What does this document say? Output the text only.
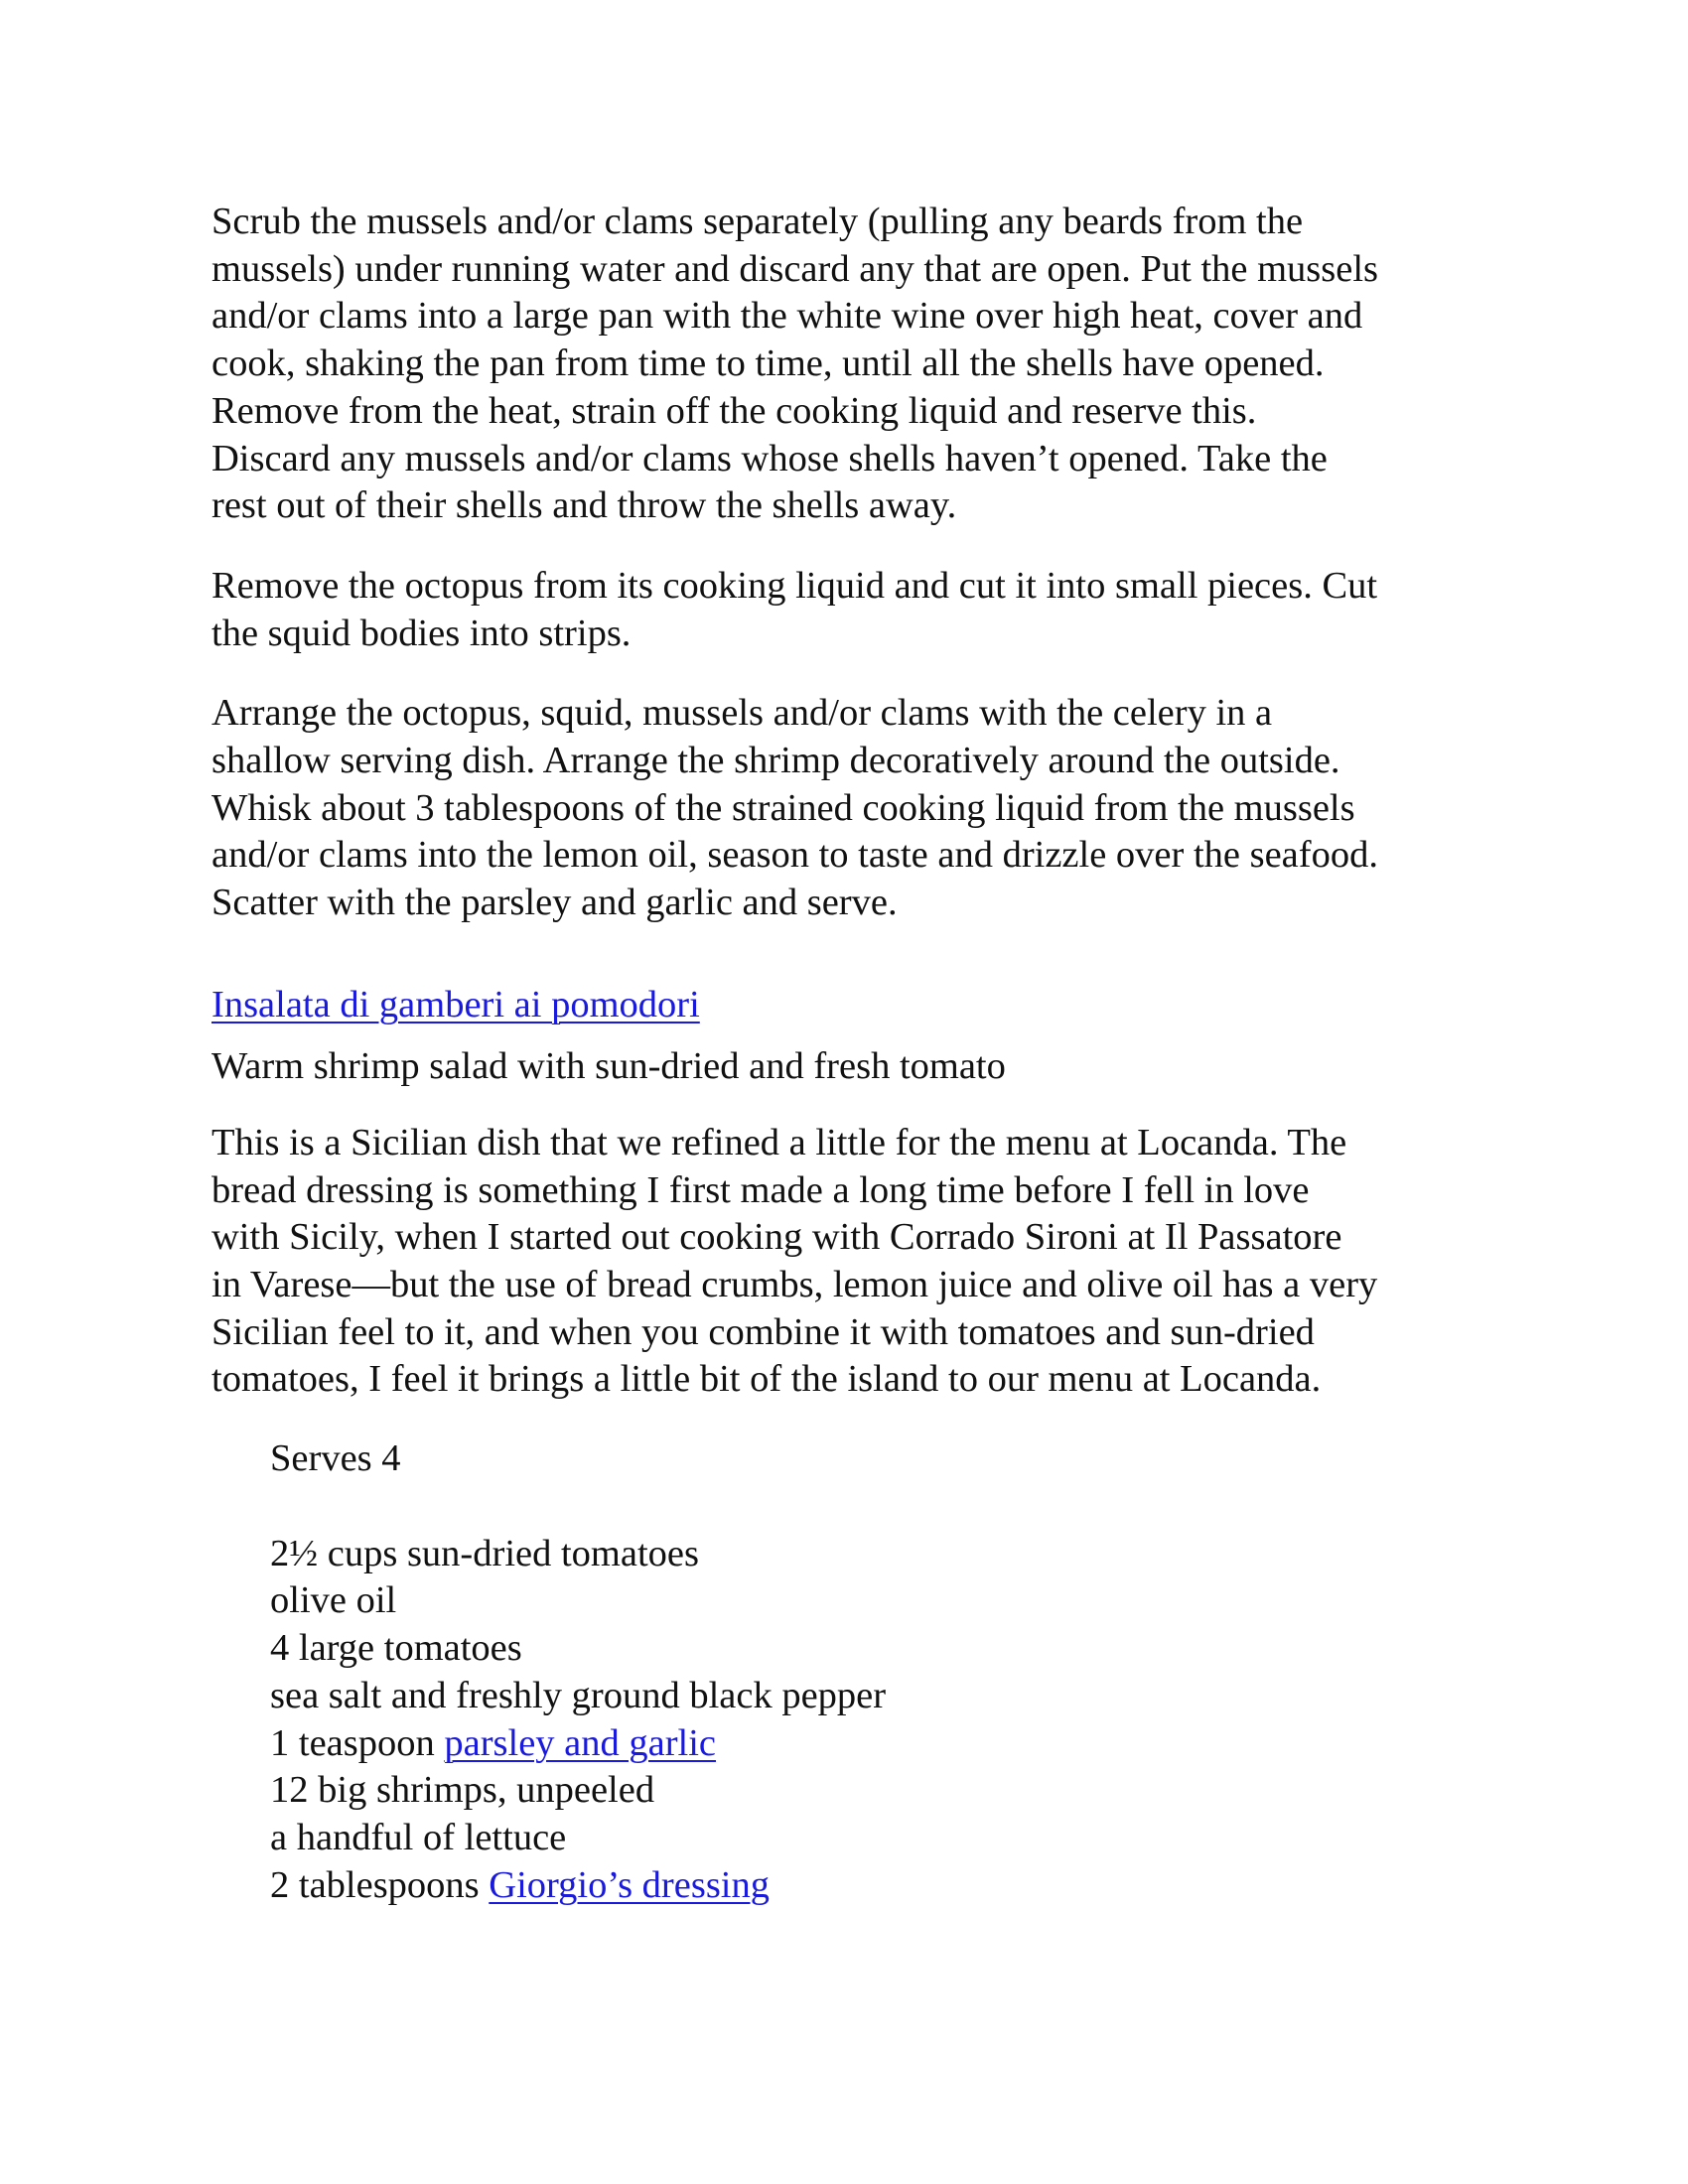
Scrub the mussels and/or clams separately (pulling any beards from the
mussels) under running water and discard any that are open. Put the mussels
and/or clams into a large pan with the white wine over high heat, cover and
cook, shaking the pan from time to time, until all the shells have opened.
Remove from the heat, strain off the cooking liquid and reserve this.
Discard any mussels and/or clams whose shells haven’t opened. Take the
rest out of their shells and throw the shells away.

Remove the octopus from its cooking liquid and cut it into small pieces. Cut
the squid bodies into strips.

Arrange the octopus, squid, mussels and/or clams with the celery in a
shallow serving dish. Arrange the shrimp decoratively around the outside.
Whisk about 3 tablespoons of the strained cooking liquid from the mussels
and/or clams into the lemon oil, season to taste and drizzle over the seafood.
Scatter with the parsley and garlic and serve.

Insalata di gamberi ai pomodori

Warm shrimp salad with sun-dried and fresh tomato

This is a Sicilian dish that we refined a little for the menu at Locanda. The
bread dressing is something I first made a long time before I fell in love
with Sicily, when I started out cooking with Corrado Sironi at Il Passatore
in Varese—but the use of bread crumbs, lemon juice and olive oil has a very
Sicilian feel to it, and when you combine it with tomatoes and sun-dried
tomatoes, I feel it brings a little bit of the island to our menu at Locanda.

Serves 4
2½ cups sun-dried tomatoes
olive oil
4 large tomatoes
sea salt and freshly ground black pepper
1 teaspoon parsley and garlic
12 big shrimps, unpeeled
a handful of lettuce
2 tablespoons Giorgio’s dressing
